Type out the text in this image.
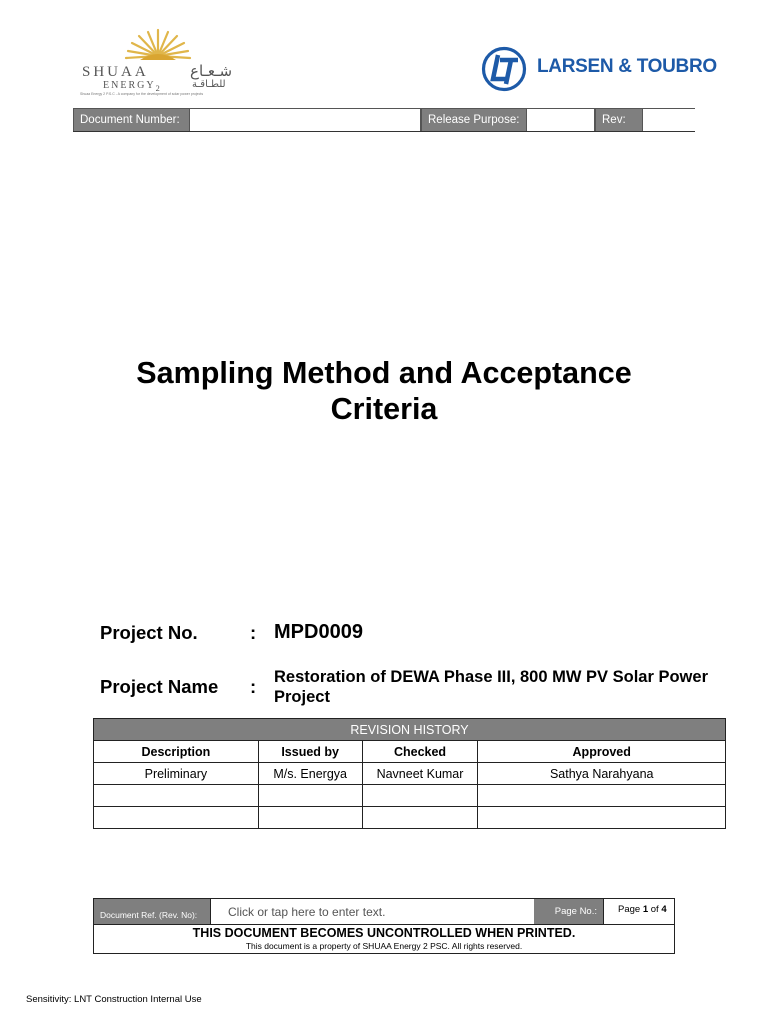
SHUAA
$ENERGY_2$
شـعـاع
للطـاقـة
Shuaa Energy 2 P.S.C - A company for the development of solar power projects
LARSEN & TOUBRO
Document Number:	Release Purpose:	Rev:
Sampling Method and Acceptance
Criteria
Project No.	: MPD0009
Project Name : Restoration of DEWA Phase III, 800 MW PV Solar Power Project
REVISION HISTORY			
Description	Issued by	Checked	Approved
Preliminary	M/s. Energya	Navneet Kumar	Sathya Narahyana

Document Ref. (Rev. No):	Click or tap here to enter text.	Page No.:	Page 1 of 4
THIS DOCUMENT BECOMES UNCONTROLLED WHEN PRINTED.
This document is a property of SHUAA Energy 2 PSC. All rights reserved.
Sensitivity: LNT Construction Internal Use
